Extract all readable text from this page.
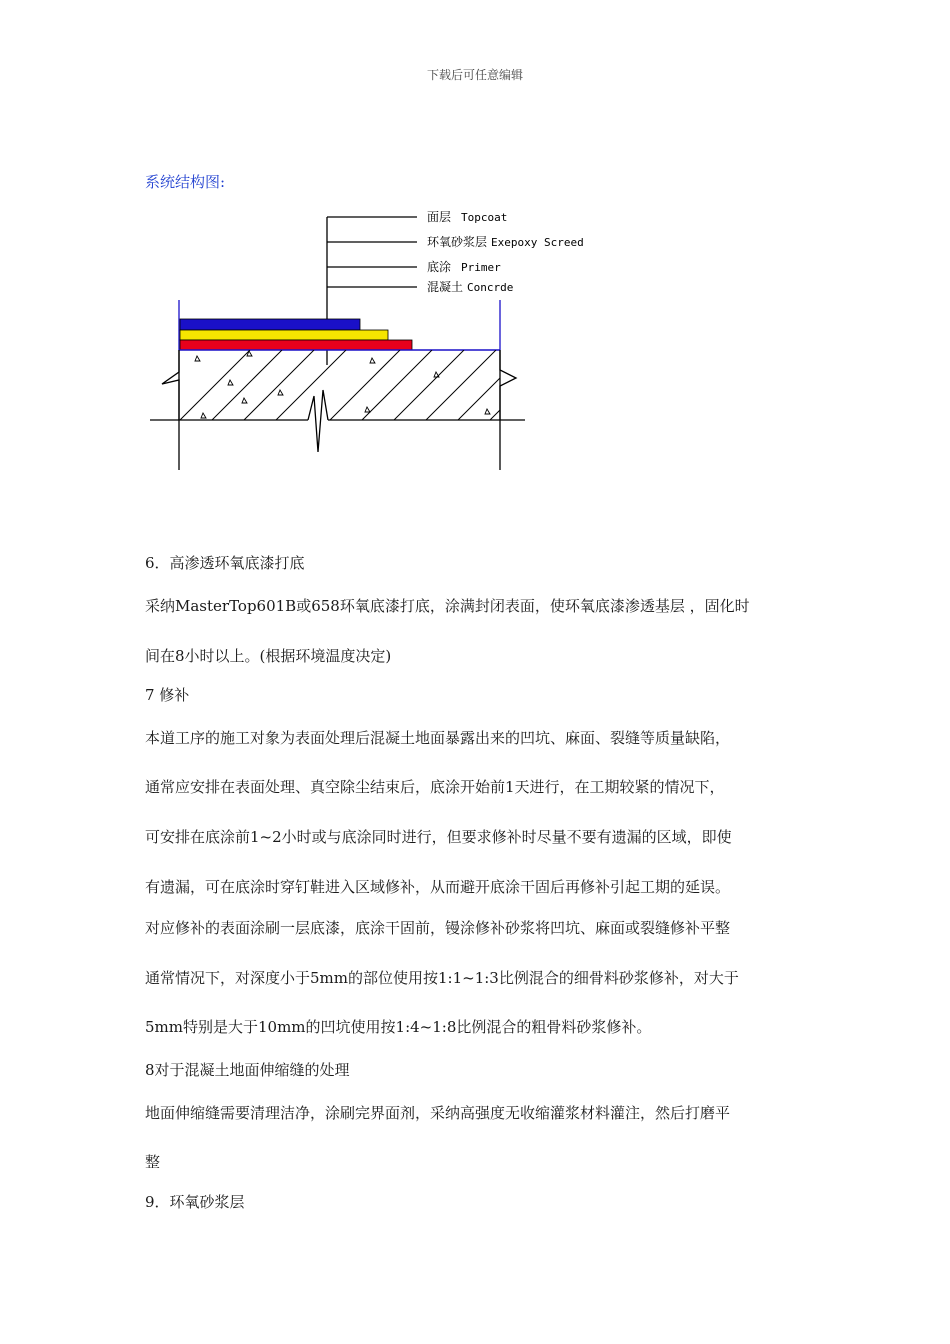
下载后可任意编辑
系统结构图:
面层 Topcoat
环氧砂浆层 Exepoxy Screed
底涂 Primer
混凝土 Concrde
6．高渗透环氧底漆打底
采纳MasterTop601B或658环氧底漆打底，涂满封闭表面，使环氧底漆渗透基层 ，固化时
间在8小时以上。(根据环境温度决定)
7 修补
本道工序的施工对象为表面处理后混凝土地面暴露出来的凹坑、麻面、裂缝等质量缺陷，
通常应安排在表面处理、真空除尘结束后，底涂开始前1天进行，在工期较紧的情况下，
可安排在底涂前1~2小时或与底涂同时进行，但要求修补时尽量不要有遗漏的区域，即使
有遗漏，可在底涂时穿钉鞋进入区域修补，从而避开底涂干固后再修补引起工期的延误。
对应修补的表面涂刷一层底漆，底涂干固前，镘涂修补砂浆将凹坑、麻面或裂缝修补平整
通常情况下，对深度小于5mm的部位使用按1:1~1:3比例混合的细骨料砂浆修补，对大于
5mm特别是大于10mm的凹坑使用按1:4~1:8比例混合的粗骨料砂浆修补。
8对于混凝土地面伸缩缝的处理
地面伸缩缝需要清理洁净，涂刷完界面剂，采纳高强度无收缩灌浆材料灌注，然后打磨平
整
9．环氧砂浆层
